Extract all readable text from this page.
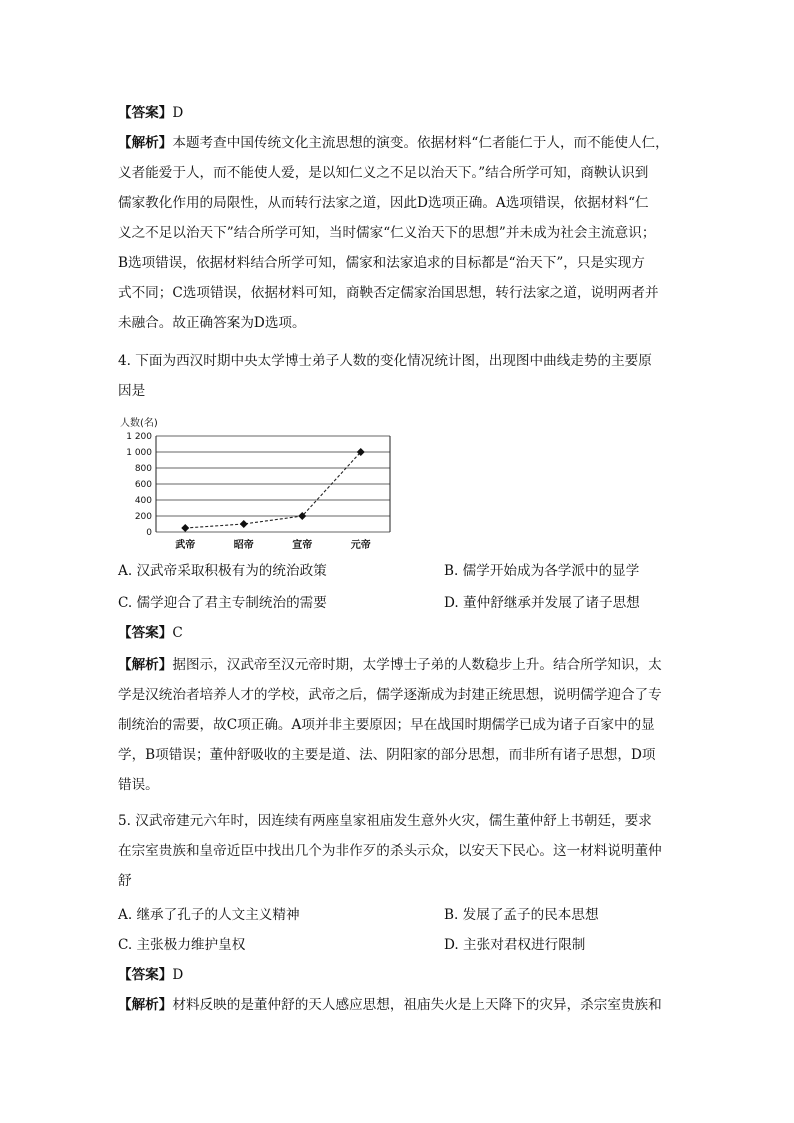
【答案】D
【解析】本题考查中国传统文化主流思想的演变。依据材料“仁者能仁于人，而不能使人仁，
义者能爱于人，而不能使人爱，是以知仁义之不足以治天下。”结合所学可知，商鞅认识到
儒家教化作用的局限性，从而转行法家之道，因此D选项正确。A选项错误，依据材料“仁
义之不足以治天下”结合所学可知，当时儒家“仁义治天下的思想”并未成为社会主流意识；
B选项错误，依据材料结合所学可知，儒家和法家追求的目标都是“治天下”，只是实现方
式不同；C选项错误，依据材料可知，商鞅否定儒家治国思想，转行法家之道，说明两者并
未融合。故正确答案为D选项。
4. 下面为西汉时期中央太学博士弟子人数的变化情况统计图，出现图中曲线走势的主要原
因是
人数(名)
0
200
400
600
800
1 000
1 200
武帝	昭帝	宣帝	元帝
A. 汉武帝采取积极有为的统治政策	B. 儒学开始成为各学派中的显学
C. 儒学迎合了君主专制统治的需要	D. 董仲舒继承并发展了诸子思想
【答案】C
【解析】据图示，汉武帝至汉元帝时期，太学博士子弟的人数稳步上升。结合所学知识，太
学是汉统治者培养人才的学校，武帝之后，儒学逐渐成为封建正统思想，说明儒学迎合了专
制统治的需要，故C项正确。A项并非主要原因；早在战国时期儒学已成为诸子百家中的显
学，B项错误；董仲舒吸收的主要是道、法、阴阳家的部分思想，而非所有诸子思想，D项
错误。
5. 汉武帝建元六年时，因连续有两座皇家祖庙发生意外火灾，儒生董仲舒上书朝廷，要求
在宗室贵族和皇帝近臣中找出几个为非作歹的杀头示众，以安天下民心。这一材料说明董仲
舒
A. 继承了孔子的人文主义精神	B. 发展了孟子的民本思想
C. 主张极力维护皇权	D. 主张对君权进行限制
【答案】D
【解析】材料反映的是董仲舒的天人感应思想，祖庙失火是上天降下的灾异，杀宗室贵族和
